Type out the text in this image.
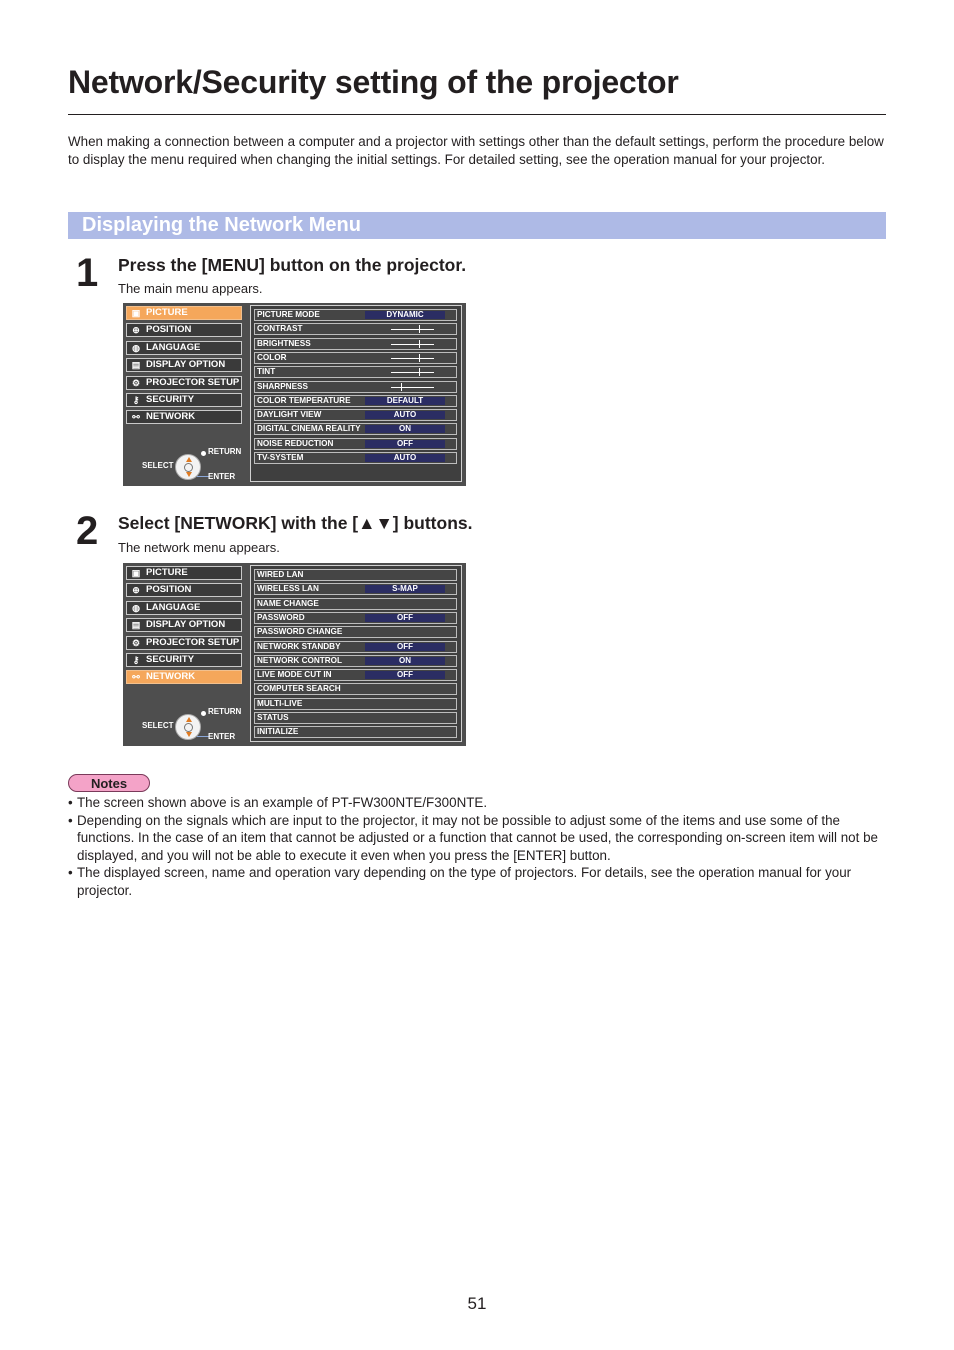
Network/Security setting of the projector

When making a connection between a computer and a projector with settings other than the default settings, perform the procedure below to display the menu required when changing the initial settings. For detailed setting, see the operation manual for your projector.

Displaying the Network Menu
1 Press the [MENU] button on the projector.
The main menu appears.
▣ PICTURE
⊕ POSITION
◍ LANGUAGE
▤ DISPLAY OPTION
⚙ PROJECTOR SETUP
⚷ SECURITY
⚯ NETWORK
PICTURE MODE	DYNAMIC
CONTRAST
BRIGHTNESS
COLOR
TINT
SHARPNESS
COLOR TEMPERATURE	DEFAULT
DAYLIGHT VIEW	AUTO
DIGITAL CINEMA REALITY	ON
NOISE REDUCTION	OFF
TV-SYSTEM	AUTO
SELECT
RETURN
ENTER
2 Select [NETWORK] with the [▲▼] buttons.
The network menu appears.
▣ PICTURE
⊕ POSITION
◍ LANGUAGE
▤ DISPLAY OPTION
⚙ PROJECTOR SETUP
⚷ SECURITY
⚯ NETWORK
WIRED LAN
WIRELESS LAN	S-MAP
NAME CHANGE
PASSWORD	OFF
PASSWORD CHANGE
NETWORK STANDBY	OFF
NETWORK CONTROL	ON
LIVE MODE CUT IN	OFF
COMPUTER SEARCH
MULTI-LIVE
STATUS
INITIALIZE
SELECT
RETURN
ENTER
Notes
• The screen shown above is an example of PT-FW300NTE/F300NTE.
• Depending on the signals which are input to the projector, it may not be possible to adjust some of the items and use some of the functions. In the case of an item that cannot be adjusted or a function that cannot be used, the corresponding on-screen item will not be displayed, and you will not be able to execute it even when you press the [ENTER] button.
• The displayed screen, name and operation vary depending on the type of projectors. For details, see the operation manual for your projector.
51
